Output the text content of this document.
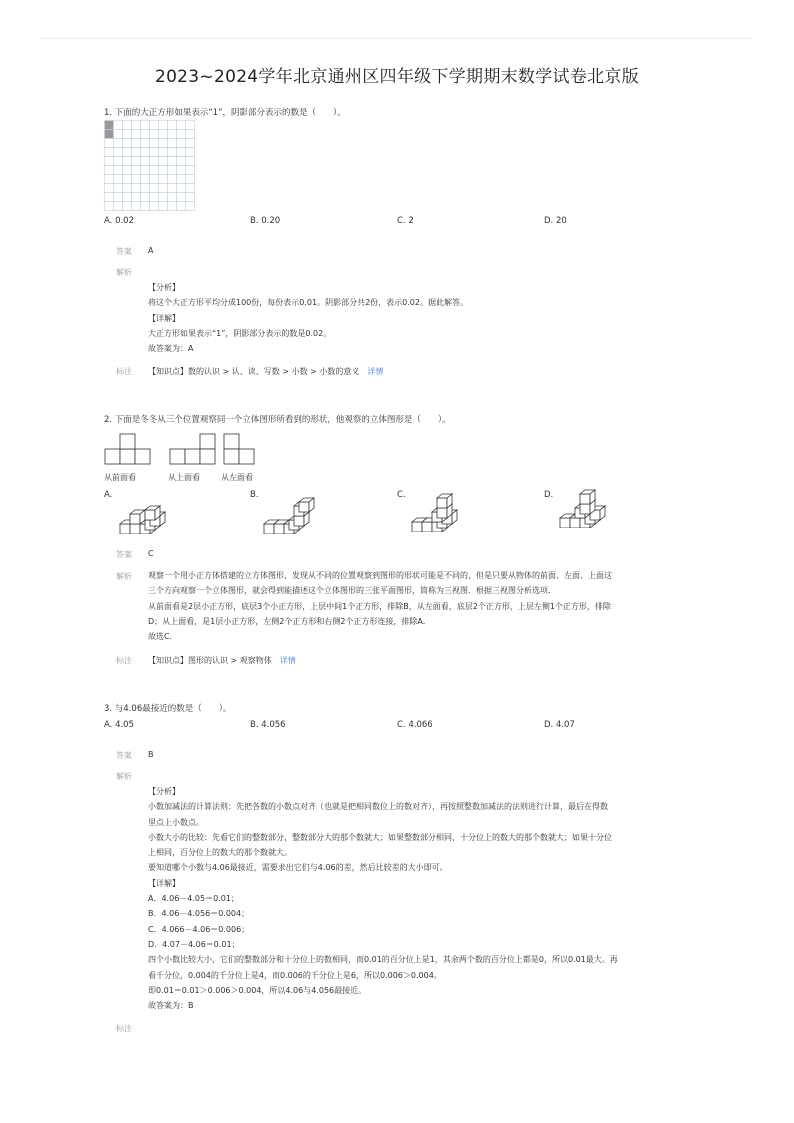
2023~2024学年北京通州区四年级下学期期末数学试卷北京版
1. 下面的大正方形如果表示“1”，阴影部分表示的数是（　　）。
A. 0.02	B. 0.20	C. 2	D. 20
答案 A
解析

【分析】

将这个大正方形平均分成100份，每份表示0.01。阴影部分共2份，表示0.02。据此解答。

【详解】

大正方形如果表示“1”，阴影部分表示的数是0.02。

故答案为：A

标注 【知识点】数的认识 > 认、读、写数 > 小数 > 小数的意义 详情
2. 下面是冬冬从三个位置观察同一个立体图形所看到的形状，他观察的立体图形是（　　）。
从前面看	从上面看	从左面看
A.	B.	C.	D.
答案 C
解析 观察一个用小正方体搭建的立方体图形，发现从不同的位置观察到图形的形状可能是不同的，但是只要从物体的前面、左面、上面这

三个方向观察一个立体图形，就会得到能描述这个立体图形的三张平面图形，简称为三视图．根据三视图分析选项．

从前面看是2层小正方形，底层3个小正方形，上层中间1个正方形，排除B，从左面看，底层2个正方形，上层左侧1个正方形，排除

D；从上面看，是1层小正方形，左侧2个正方形和右侧2个正方形连接，排除A．

故选C．

标注 【知识点】图形的认识 > 观察物体 详情
3. 与4.06最接近的数是（　　）。
A. 4.05	B. 4.056	C. 4.066	D. 4.07
答案 B
解析

【分析】

小数加减法的计算法则：先把各数的小数点对齐（也就是把相同数位上的数对齐），再按照整数加减法的法则进行计算，最后在得数

里点上小数点。

小数大小的比较：先看它们的整数部分，整数部分大的那个数就大；如果整数部分相同，十分位上的数大的那个数就大；如果十分位

上相同，百分位上的数大的那个数就大。

要知道哪个小数与4.06最接近，需要求出它们与4.06的差，然后比较差的大小即可。

【详解】

A．4.06－4.05＝0.01；

B．4.06－4.056＝0.004；

C．4.066－4.06＝0.006；

D．4.07－4.06＝0.01；

四个小数比较大小，它们的整数部分和十分位上的数相同，而0.01的百分位上是1，其余两个数的百分位上都是0，所以0.01最大。再

看千分位，0.004的千分位上是4，而0.006的千分位上是6，所以0.006＞0.004。

即0.01＝0.01＞0.006＞0.004，所以4.06与4.056最接近。

故答案为：B

标注
